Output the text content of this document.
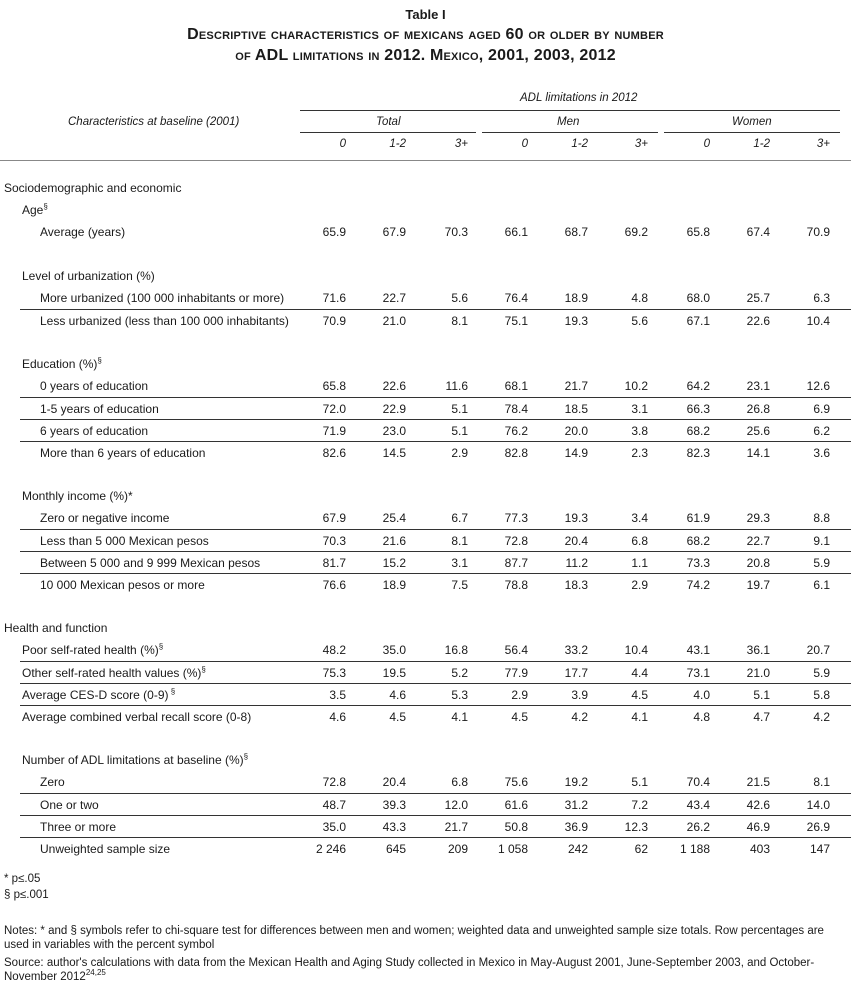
Table I
Descriptive characteristics of mexicans aged 60 or older by number
of ADL limitations in 2012. Mexico, 2001, 2003, 2012
ADL limitations in 2012
Characteristics at baseline (2001)	Total	Men	Women
0	1-2	3+	0	1-2	3+	0	1-2	3+
Sociodemographic and economic
Age§
Average (years)	65.9	67.9	70.3	66.1	68.7	69.2	65.8	67.4	70.9
Level of urbanization (%)
More urbanized (100 000 inhabitants or more)	71.6	22.7	5.6	76.4	18.9	4.8	68.0	25.7	6.3
Less urbanized (less than 100 000 inhabitants)	70.9	21.0	8.1	75.1	19.3	5.6	67.1	22.6	10.4
Education (%)§
0 years of education	65.8	22.6	11.6	68.1	21.7	10.2	64.2	23.1	12.6
1-5 years of education	72.0	22.9	5.1	78.4	18.5	3.1	66.3	26.8	6.9
6 years of education	71.9	23.0	5.1	76.2	20.0	3.8	68.2	25.6	6.2
More than 6 years of education	82.6	14.5	2.9	82.8	14.9	2.3	82.3	14.1	3.6
Monthly income (%)*
Zero or negative income	67.9	25.4	6.7	77.3	19.3	3.4	61.9	29.3	8.8
Less than 5 000 Mexican pesos	70.3	21.6	8.1	72.8	20.4	6.8	68.2	22.7	9.1
Between 5 000 and 9 999 Mexican pesos	81.7	15.2	3.1	87.7	11.2	1.1	73.3	20.8	5.9
10 000 Mexican pesos or more	76.6	18.9	7.5	78.8	18.3	2.9	74.2	19.7	6.1
Health and function
Poor self-rated health (%)§	48.2	35.0	16.8	56.4	33.2	10.4	43.1	36.1	20.7
Other self-rated health values (%)§	75.3	19.5	5.2	77.9	17.7	4.4	73.1	21.0	5.9
Average CES-D score (0-9) §	3.5	4.6	5.3	2.9	3.9	4.5	4.0	5.1	5.8
Average combined verbal recall score (0-8)	4.6	4.5	4.1	4.5	4.2	4.1	4.8	4.7	4.2
Number of ADL limitations at baseline (%)§
Zero	72.8	20.4	6.8	75.6	19.2	5.1	70.4	21.5	8.1
One or two	48.7	39.3	12.0	61.6	31.2	7.2	43.4	42.6	14.0
Three or more	35.0	43.3	21.7	50.8	36.9	12.3	26.2	46.9	26.9
Unweighted sample size	2 246	645	209	1 058	242	62	1 188	403	147
* p≤.05
§ p≤.001
Notes: * and § symbols refer to chi-square test for differences between men and women; weighted data and unweighted sample size totals. Row percentages are used in variables with the percent symbol
Source: author's calculations with data from the Mexican Health and Aging Study collected in Mexico in May-August 2001, June-September 2003, and October-November 2012$^{24,25}$
